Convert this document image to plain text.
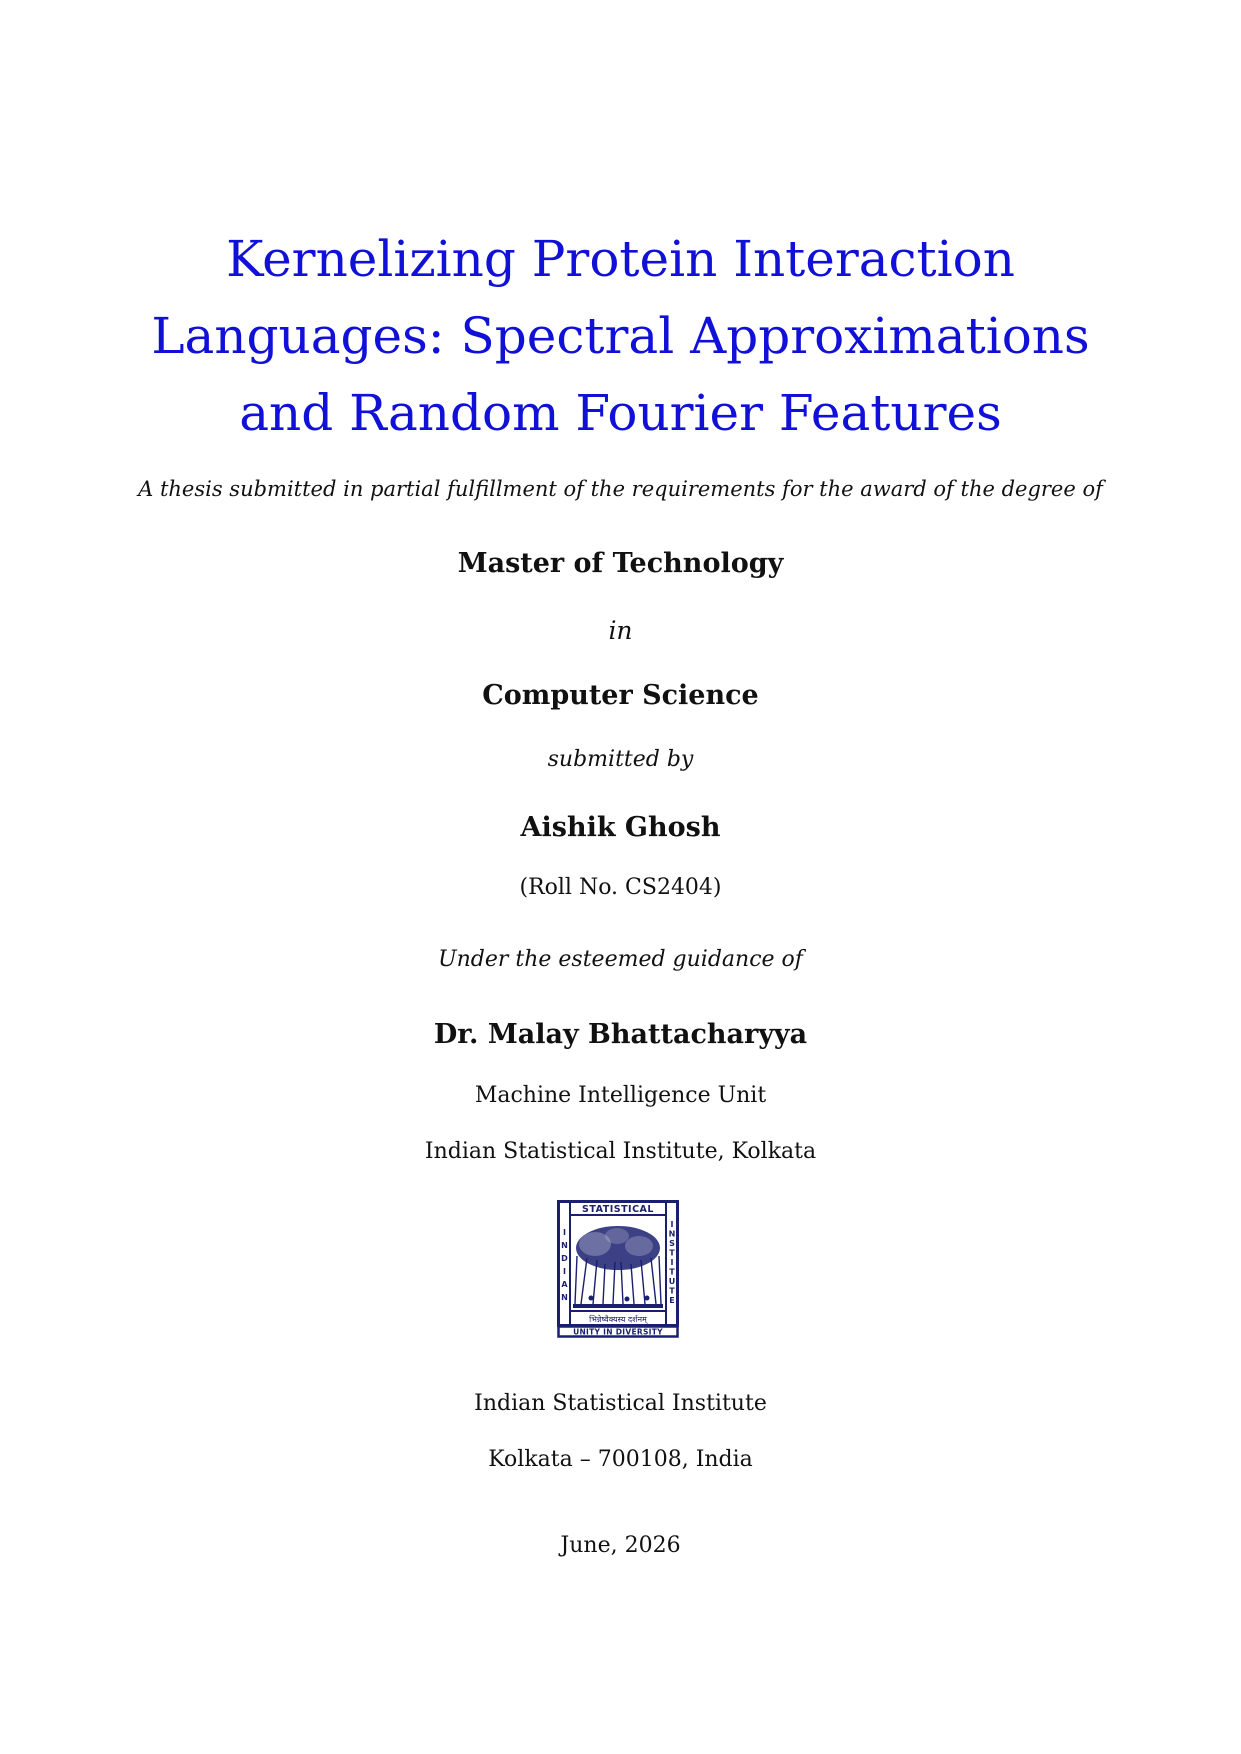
Kernelizing Protein Interaction
Languages: Spectral Approximations
and Random Fourier Features
A thesis submitted in partial fulfillment of the requirements for the award of the degree of
Master of Technology
in
Computer Science
submitted by
Aishik Ghosh
(Roll No. CS2404)
Under the esteemed guidance of
Dr. Malay Bhattacharyya
Machine Intelligence Unit
Indian Statistical Institute, Kolkata
STATISTICAL
INDIAN	INSTITUTE
भिन्नेष्वैक्यस्य दर्शनम्
UNITY IN DIVERSITY
Indian Statistical Institute
Kolkata – 700108, India
June, 2026
